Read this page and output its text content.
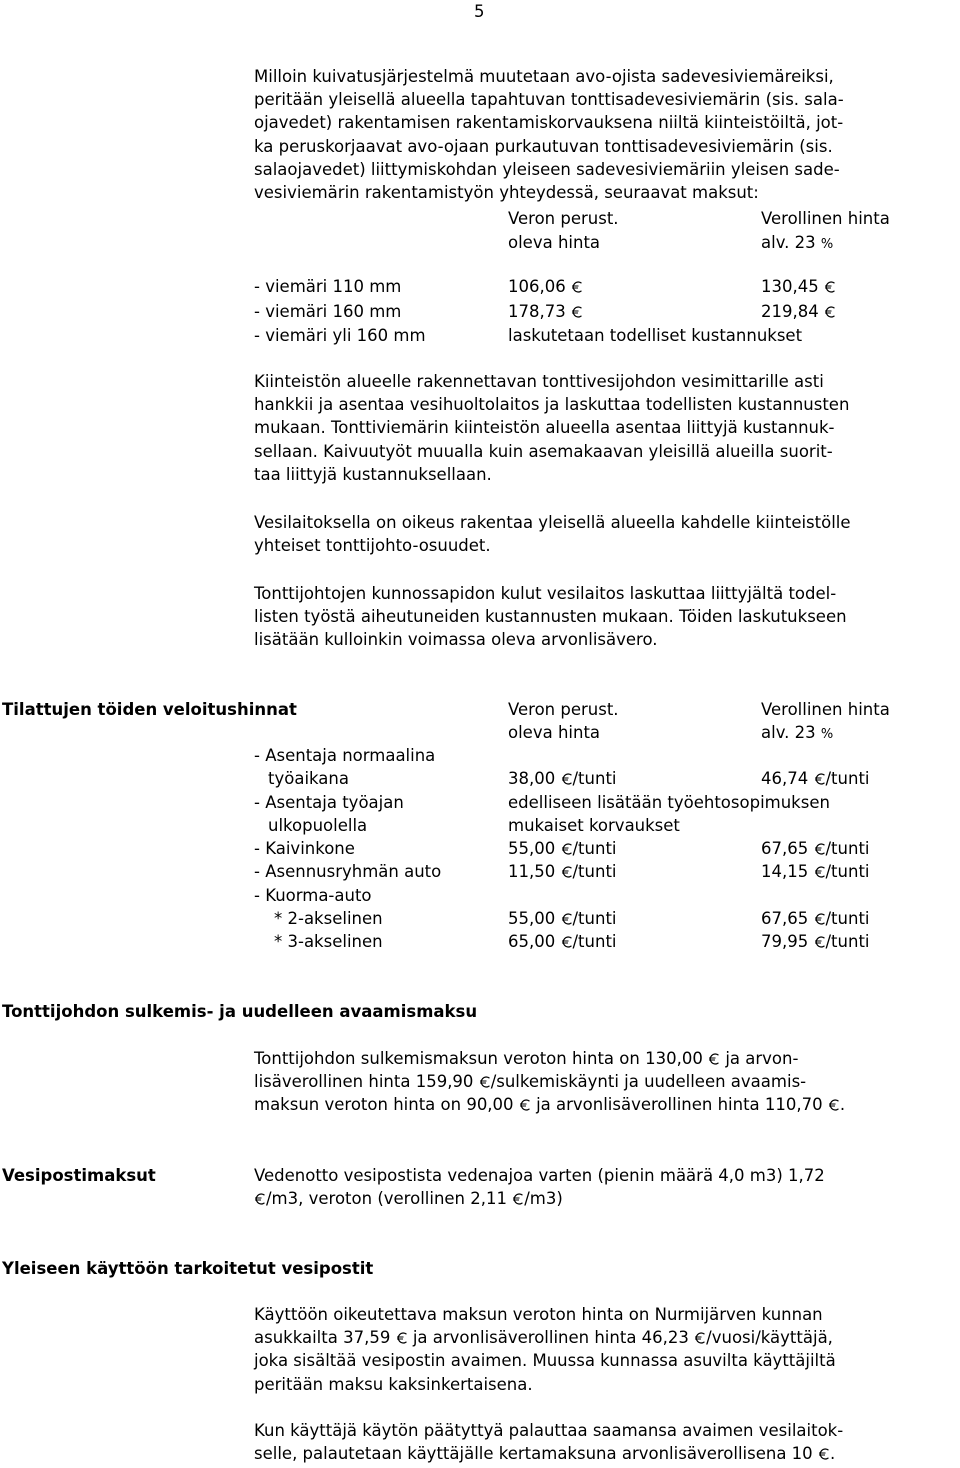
5
Milloin kuivatusjärjestelmä muutetaan avo-ojista sadevesiviemäreiksi,
peritään yleisellä alueella tapahtuvan tonttisadevesiviemärin (sis. sala-
ojavedet) rakentamisen rakentamiskorvauksena niiltä kiinteistöiltä, jot-
ka peruskorjaavat avo-ojaan purkautuvan tonttisadevesiviemärin (sis.
salaojavedet) liittymiskohdan yleiseen sadevesiviemäriin yleisen sade-
vesiviemärin rakentamistyön yhteydessä, seuraavat maksut:
Veron perust.	Verollinen hinta
oleva hinta	alv. 23 %
- viemäri 110 mm	106,06	130,45
- viemäri 160 mm	178,73	219,84
- viemäri yli 160 mm	laskutetaan todelliset kustannukset
Kiinteistön alueelle rakennettavan tonttivesijohdon vesimittarille asti
hankkii ja asentaa vesihuoltolaitos ja laskuttaa todellisten kustannusten
mukaan. Tonttiviemärin kiinteistön alueella asentaa liittyjä kustannuk-
sellaan. Kaivuutyöt muualla kuin asemakaavan yleisillä alueilla suorit-
taa liittyjä kustannuksellaan.
Vesilaitoksella on oikeus rakentaa yleisellä alueella kahdelle kiinteistölle
yhteiset tonttijohto-osuudet.
Tonttijohtojen kunnossapidon kulut vesilaitos laskuttaa liittyjältä todel-
listen työstä aiheutuneiden kustannusten mukaan. Töiden laskutukseen
lisätään kulloinkin voimassa oleva arvonlisävero.
Tilattujen töiden veloitushinnat	Veron perust.	Verollinen hinta
oleva hinta	alv. 23 %
- Asentaja normaalina
työaikana	38,00 /tunti	46,74 /tunti
- Asentaja työajan	edelliseen lisätään työehtosopimuksen
ulkopuolella	mukaiset korvaukset
- Kaivinkone	55,00 /tunti	67,65 /tunti
- Asennusryhmän auto	11,50 /tunti	14,15 /tunti
- Kuorma-auto
* 2-akselinen	55,00 /tunti	67,65 /tunti
* 3-akselinen	65,00 /tunti	79,95 /tunti
Tonttijohdon sulkemis- ja uudelleen avaamismaksu
Tonttijohdon sulkemismaksun veroton hinta on 130,00 ja arvon-
lisäverollinen hinta 159,90 /sulkemiskäynti ja uudelleen avaamis-
maksun veroton hinta on 90,00 ja arvonlisäverollinen hinta 110,70 .
Vesipostimaksut	Vedenotto vesipostista vedenajoa varten (pienin määrä 4,0 m3) 1,72
/m3, veroton (verollinen 2,11 /m3)
Yleiseen käyttöön tarkoitetut vesipostit
Käyttöön oikeutettava maksun veroton hinta on Nurmijärven kunnan
asukkailta 37,59 ja arvonlisäverollinen hinta 46,23 /vuosi/käyttäjä,
joka sisältää vesipostin avaimen. Muussa kunnassa asuvilta käyttäjiltä
peritään maksu kaksinkertaisena.
Kun käyttäjä käytön päätyttyä palauttaa saamansa avaimen vesilaitok-
selle, palautetaan käyttäjälle kertamaksuna arvonlisäverollisena 10 .
